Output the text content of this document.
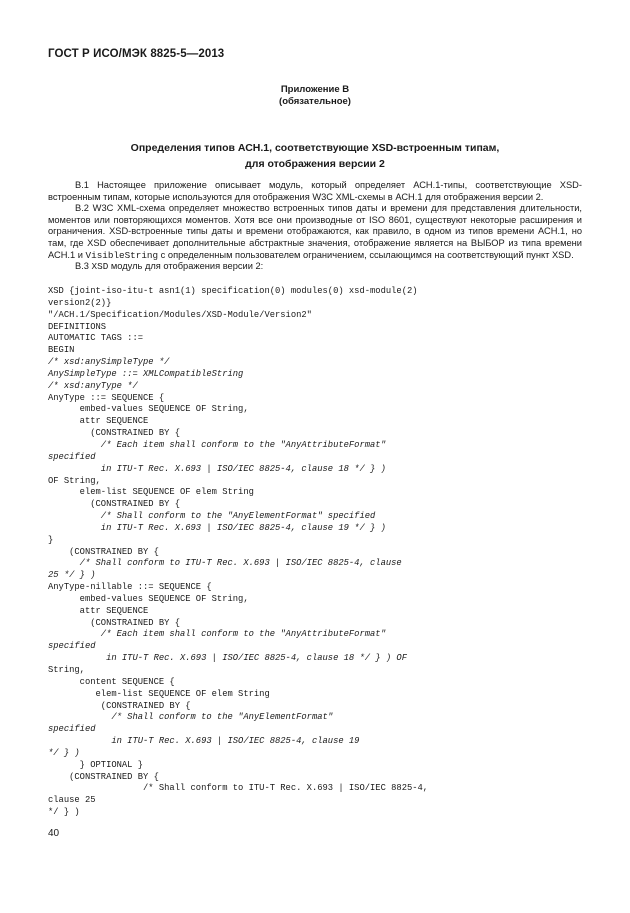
ГОСТ Р ИСО/МЭК 8825-5—2013
Приложение В
(обязательное)
Определения типов АСН.1, соответствующие XSD-встроенным типам,
для отображения версии 2

В.1 Настоящее приложение описывает модуль, который определяет АСН.1-типы, соответствующие XSD-встроенным типам, которые используются для отображения W3C XML-схемы в АСН.1 для отображения версии 2.

В.2 W3C XML-схема определяет множество встроенных типов даты и времени для представления длительности, моментов или повторяющихся моментов. Хотя все они производные от ISO 8601, существуют некоторые расширения и ограничения. XSD-встроенные типы даты и времени отображаются, как правило, в одном из типов времени АСН.1, но там, где XSD обеспечивает дополнительные абстрактные значения, отображение является на ВЫБОР из типа времени АСН.1 и VisibleString с определенным пользователем ограничением, ссылающимся на соответствующий пункт XSD.

В.3 XSD модуль для отображения версии 2:

XSD {joint-iso-itu-t asn1(1) specification(0) modules(0) xsd-module(2)
version2(2)}
"/ACH.1/Specification/Modules/XSD-Module/Version2"
DEFINITIONS
AUTOMATIC TAGS ::=
BEGIN
/* xsd:anySimpleType */
AnySimpleType ::= XMLCompatibleString
/* xsd:anyType */
AnyType ::= SEQUENCE {
embed-values SEQUENCE OF String,
attr SEQUENCE
(CONSTRAINED BY {
/* Each item shall conform to the "AnyAttributeFormat"
specified
in ITU-T Rec. X.693 | ISO/IEC 8825-4, clause 18 */ } )
OF String,
elem-list SEQUENCE OF elem String
(CONSTRAINED BY {
/* Shall conform to the "AnyElementFormat" specified
in ITU-T Rec. X.693 | ISO/IEC 8825-4, clause 19 */ } )
}
(CONSTRAINED BY {
/* Shall conform to ITU-T Rec. X.693 | ISO/IEC 8825-4, clause
25 */ } )
AnyType-nillable ::= SEQUENCE {
embed-values SEQUENCE OF String,
attr SEQUENCE
(CONSTRAINED BY {
/* Each item shall conform to the "AnyAttributeFormat"
specified
in ITU-T Rec. X.693 | ISO/IEC 8825-4, clause 18 */ } ) OF
String,
content SEQUENCE {
elem-list SEQUENCE OF elem String
(CONSTRAINED BY {
/* Shall conform to the "AnyElementFormat"
specified
in ITU-T Rec. X.693 | ISO/IEC 8825-4, clause 19
*/ } )
} OPTIONAL }
(CONSTRAINED BY {
/* Shall conform to ITU-T Rec. X.693 | ISO/IEC 8825-4,
clause 25
*/ } )
40
